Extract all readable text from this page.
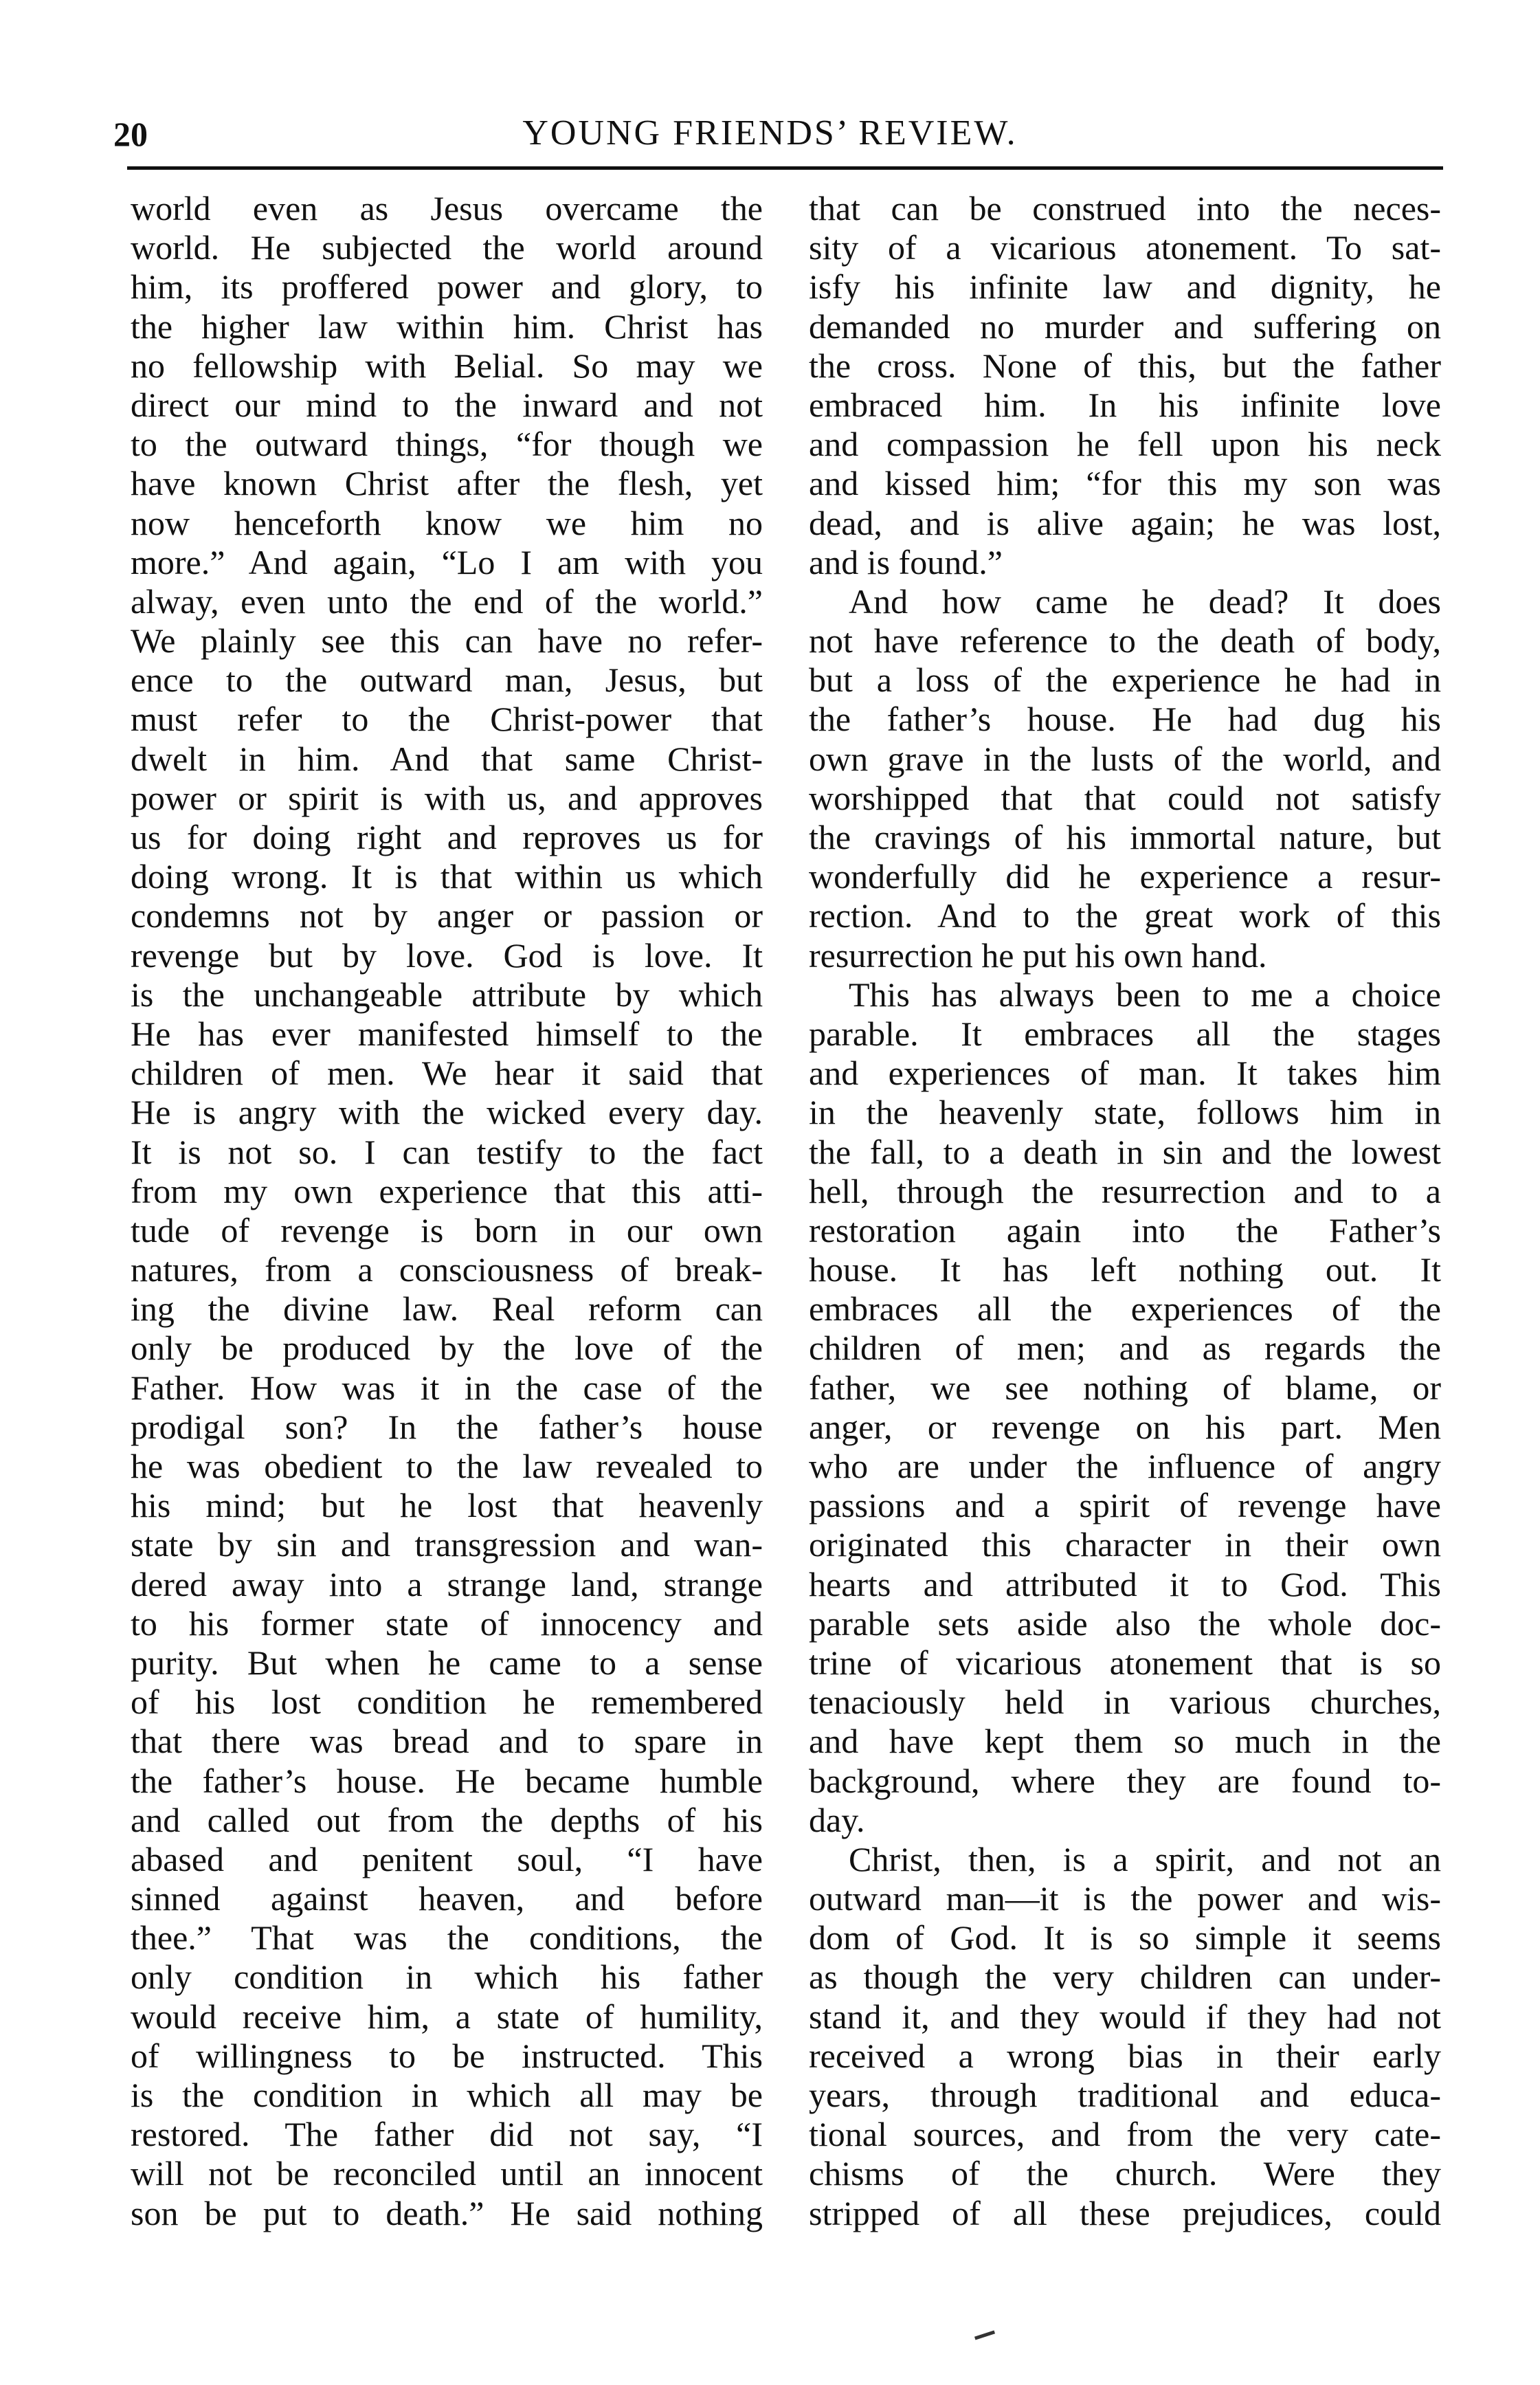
20	YOUNG FRIENDS’ REVIEW.
world even as Jesus overcame the
world. He subjected the world around
him, its proffered power and glory, to
the higher law within him. Christ has
no fellowship with Belial. So may we
direct our mind to the inward and not
to the outward things, “for though we
have known Christ after the flesh, yet
now henceforth know we him no
more.” And again, “Lo I am with you
alway, even unto the end of the world.”
We plainly see this can have no refer-
ence to the outward man, Jesus, but
must refer to the Christ-power that
dwelt in him. And that same Christ-
power or spirit is with us, and approves
us for doing right and reproves us for
doing wrong. It is that within us which
condemns not by anger or passion or
revenge but by love. God is love. It
is the unchangeable attribute by which
He has ever manifested himself to the
children of men. We hear it said that
He is angry with the wicked every day.
It is not so. I can testify to the fact
from my own experience that this atti-
tude of revenge is born in our own
natures, from a consciousness of break-
ing the divine law. Real reform can
only be produced by the love of the
Father. How was it in the case of the
prodigal son? In the father’s house
he was obedient to the law revealed to
his mind; but he lost that heavenly
state by sin and transgression and wan-
dered away into a strange land, strange
to his former state of innocency and
purity. But when he came to a sense
of his lost condition he remembered
that there was bread and to spare in
the father’s house. He became humble
and called out from the depths of his
abased and penitent soul, “I have
sinned against heaven, and before
thee.” That was the conditions, the
only condition in which his father
would receive him, a state of humility,
of willingness to be instructed. This
is the condition in which all may be
restored. The father did not say, “I
will not be reconciled until an innocent
son be put to death.” He said nothing
that can be construed into the neces-
sity of a vicarious atonement. To sat-
isfy his infinite law and dignity, he
demanded no murder and suffering on
the cross. None of this, but the father
embraced him. In his infinite love
and compassion he fell upon his neck
and kissed him; “for this my son was
dead, and is alive again; he was lost,
and is found.”
And how came he dead? It does
not have reference to the death of body,
but a loss of the experience he had in
the father’s house. He had dug his
own grave in the lusts of the world, and
worshipped that that could not satisfy
the cravings of his immortal nature, but
wonderfully did he experience a resur-
rection. And to the great work of this
resurrection he put his own hand.
This has always been to me a choice
parable. It embraces all the stages
and experiences of man. It takes him
in the heavenly state, follows him in
the fall, to a death in sin and the lowest
hell, through the resurrection and to a
restoration again into the Father’s
house. It has left nothing out. It
embraces all the experiences of the
children of men; and as regards the
father, we see nothing of blame, or
anger, or revenge on his part. Men
who are under the influence of angry
passions and a spirit of revenge have
originated this character in their own
hearts and attributed it to God. This
parable sets aside also the whole doc-
trine of vicarious atonement that is so
tenaciously held in various churches,
and have kept them so much in the
background, where they are found to-
day.
Christ, then, is a spirit, and not an
outward man—it is the power and wis-
dom of God. It is so simple it seems
as though the very children can under-
stand it, and they would if they had not
received a wrong bias in their early
years, through traditional and educa-
tional sources, and from the very cate-
chisms of the church. Were they
stripped of all these prejudices, could
